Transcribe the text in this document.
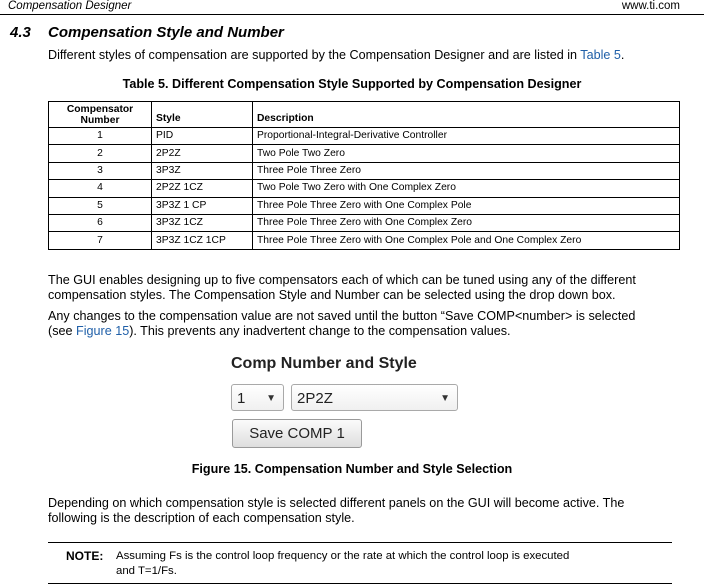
Compensation Designer	www.ti.com
4.3 Compensation Style and Number
Different styles of compensation are supported by the Compensation Designer and are listed in Table 5.
Table 5. Different Compensation Style Supported by Compensation Designer
Compensator Number	Style	Description
1	PID	Proportional-Integral-Derivative Controller
2	2P2Z	Two Pole Two Zero
3	3P3Z	Three Pole Three Zero
4	2P2Z 1CZ	Two Pole Two Zero with One Complex Zero
5	3P3Z 1 CP	Three Pole Three Zero with One Complex Pole
6	3P3Z 1CZ	Three Pole Three Zero with One Complex Zero
7	3P3Z 1CZ 1CP	Three Pole Three Zero with One Complex Pole and One Complex Zero
The GUI enables designing up to five compensators each of which can be tuned using any of the different
compensation styles. The Compensation Style and Number can be selected using the drop down box.
Any changes to the compensation value are not saved until the button “Save COMP<number> is selected
(see Figure 15). This prevents any inadvertent change to the compensation values.
Comp Number and Style
1 ▼	2P2Z	▼
Save COMP 1
Figure 15. Compensation Number and Style Selection
Depending on which compensation style is selected different panels on the GUI will become active. The
following is the description of each compensation style.
NOTE: Assuming Fs is the control loop frequency or the rate at which the control loop is executed
and T=1/Fs.
